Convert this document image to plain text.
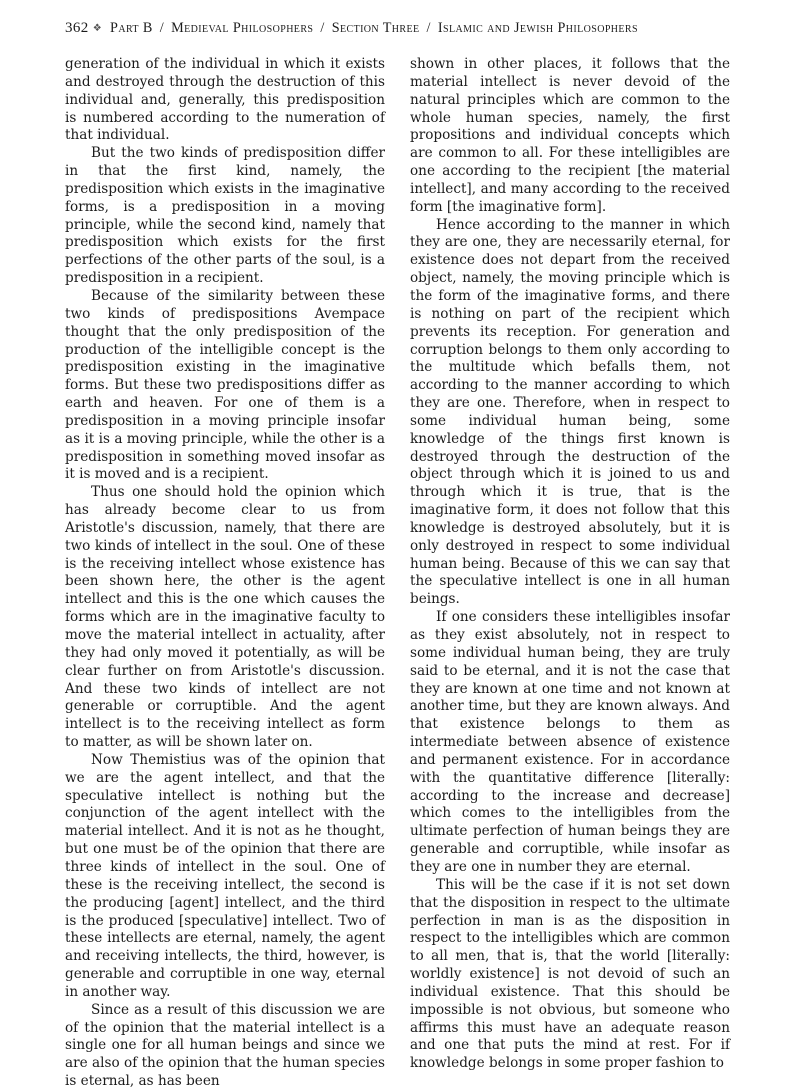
362 ❖ Part B / Medieval Philosophers / Section Three / Islamic and Jewish Philosophers

generation of the individual in which it exists and destroyed through the destruction of this individual and, generally, this predisposition is numbered according to the numeration of that individual.

But the two kinds of predisposition differ in that the first kind, namely, the predisposition which exists in the imaginative forms, is a predisposition in a moving principle, while the second kind, namely that predisposition which exists for the first perfections of the other parts of the soul, is a predisposition in a recipient.

Because of the similarity between these two kinds of predispositions Avempace thought that the only predisposition of the production of the intelligible concept is the predisposition existing in the imaginative forms. But these two predispositions differ as earth and heaven. For one of them is a predisposition in a moving principle insofar as it is a moving principle, while the other is a predisposition in something moved insofar as it is moved and is a recipient.

Thus one should hold the opinion which has already become clear to us from Aristotle's discussion, namely, that there are two kinds of intellect in the soul. One of these is the receiving intellect whose existence has been shown here, the other is the agent intellect and this is the one which causes the forms which are in the imaginative faculty to move the material intellect in actuality, after they had only moved it potentially, as will be clear further on from Aristotle's discussion. And these two kinds of intellect are not generable or corruptible. And the agent intellect is to the receiving intellect as form to matter, as will be shown later on.

Now Themistius was of the opinion that we are the agent intellect, and that the speculative intellect is nothing but the conjunction of the agent intellect with the material intellect. And it is not as he thought, but one must be of the opinion that there are three kinds of intellect in the soul. One of these is the receiving intellect, the second is the producing [agent] intellect, and the third is the produced [speculative] intellect. Two of these intellects are eternal, namely, the agent and receiving intellects, the third, however, is generable and corruptible in one way, eternal in another way.

Since as a result of this discussion we are of the opinion that the material intellect is a single one for all human beings and since we are also of the opinion that the human species is eternal, as has been

shown in other places, it follows that the material intellect is never devoid of the natural principles which are common to the whole human species, namely, the first propositions and individual concepts which are common to all. For these intelligibles are one according to the recipient [the material intellect], and many according to the received form [the imaginative form].

Hence according to the manner in which they are one, they are necessarily eternal, for existence does not depart from the received object, namely, the moving principle which is the form of the imaginative forms, and there is nothing on part of the recipient which prevents its reception. For generation and corruption belongs to them only according to the multitude which befalls them, not according to the manner according to which they are one. Therefore, when in respect to some individual human being, some knowledge of the things first known is destroyed through the destruction of the object through which it is joined to us and through which it is true, that is the imaginative form, it does not follow that this knowledge is destroyed absolutely, but it is only destroyed in respect to some individual human being. Because of this we can say that the speculative intellect is one in all human beings.

If one considers these intelligibles insofar as they exist absolutely, not in respect to some individual human being, they are truly said to be eternal, and it is not the case that they are known at one time and not known at another time, but they are known always. And that existence belongs to them as intermediate between absence of existence and permanent existence. For in accordance with the quantitative difference [literally: according to the increase and decrease] which comes to the intelligibles from the ultimate perfection of human beings they are generable and corruptible, while insofar as they are one in number they are eternal.

This will be the case if it is not set down that the disposition in respect to the ultimate perfection in man is as the disposition in respect to the intelligibles which are common to all men, that is, that the world [literally: worldly existence] is not devoid of such an individual existence. That this should be impossible is not obvious, but someone who affirms this must have an adequate reason and one that puts the mind at rest. For if knowledge belongs in some proper fashion to
